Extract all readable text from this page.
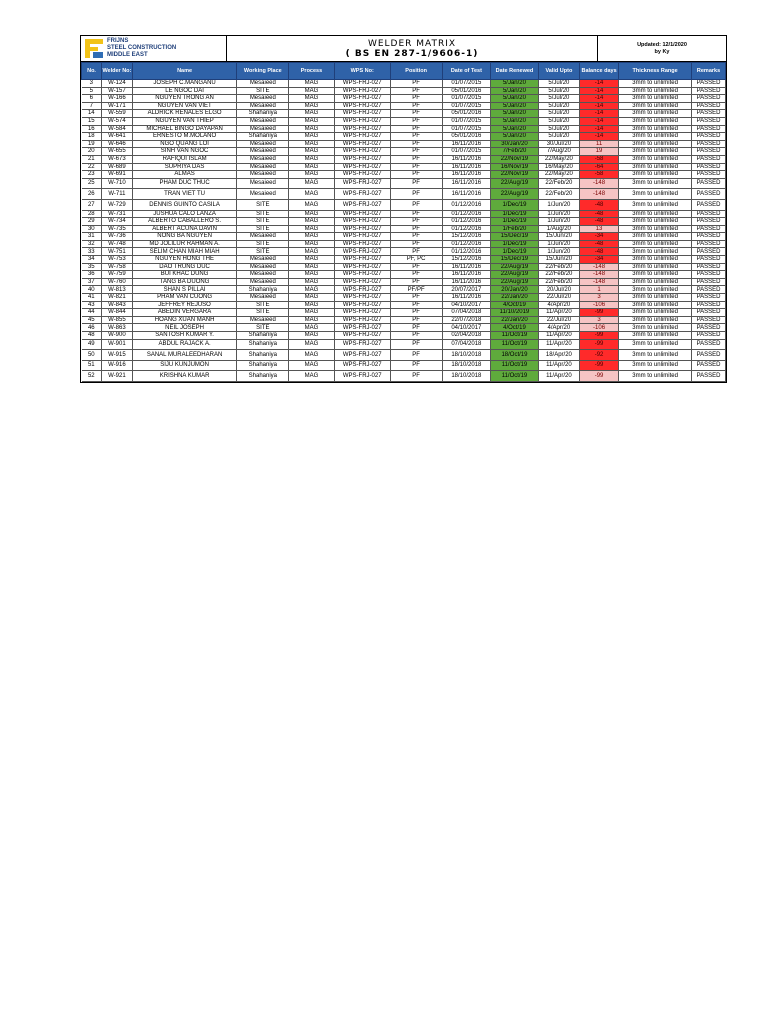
FRIJNS
STEEL CONSTRUCTION
MIDDLE EAST
WELDER MATRIX
( BS EN 287-1/9606-1)
Updated: 12/1/2020
by Ky
No.	Welder No:	Name	Working Place	Process	WPS No:	Position	Date of Test	Date Renewed	Valid Upto	Balance days	Thickness Range	Remarks
3	W-124	JOSEPH C.MANGANU	Mesaieed	MAG	WPS-FRJ-027	PF	01/07/2015	5/Jan/20	5/Jul/20	-14	3mm to unlimited	PASSED
5	W-157	LE NGOC DAI	SITE	MAG	WPS-FRJ-027	PF	05/01/2016	5/Jan/20	5/Jul/20	-14	3mm to unlimited	PASSED
6	W-166	NGUYEN TRONG AN	Mesaieed	MAG	WPS-FRJ-027	PF	01/07/2015	5/Jan/20	5/Jul/20	-14	3mm to unlimited	PASSED
7	W-171	NGUYEN VAN VIET	Mesaieed	MAG	WPS-FRJ-027	PF	01/07/2015	5/Jan/20	5/Jul/20	-14	3mm to unlimited	PASSED
14	W-559	ALDRICK RENALES ELGO	Shahaniya	MAG	WPS-FRJ-027	PF	05/01/2016	5/Jan/20	5/Jul/20	-14	3mm to unlimited	PASSED
15	W-574	NGUYEN VAN THIEP	Mesaieed	MAG	WPS-FRJ-027	PF	01/07/2015	5/Jan/20	5/Jul/20	-14	3mm to unlimited	PASSED
16	W-584	MICHAEL BINGO DAYAPAN	Mesaieed	MAG	WPS-FRJ-027	PF	01/07/2015	5/Jan/20	5/Jul/20	-14	3mm to unlimited	PASSED
18	W-641	ERNESTO M.MOLANO	Shahaniya	MAG	WPS-FRJ-027	PF	05/01/2016	5/Jan/20	5/Jul/20	-14	3mm to unlimited	PASSED
19	W-646	NGO QUANG LOI	Mesaieed	MAG	WPS-FRJ-027	PF	16/11/2016	30/Jan/20	30/Jul/20	11	3mm to unlimited	PASSED
20	W-655	SINH VAN NGOC	Mesaieed	MAG	WPS-FRJ-027	PF	01/07/2015	7/Feb/20	7/Aug/20	19	3mm to unlimited	PASSED
21	W-673	RAFIQUI ISLAM	Mesaieed	MAG	WPS-FRJ-027	PF	16/11/2016	22/Nov/19	22/May/20	-58	3mm to unlimited	PASSED
22	W-689	SUPRIYA DAS	Mesaieed	MAG	WPS-FRJ-027	PF	16/11/2016	16/Nov/19	16/May/20	-64	3mm to unlimited	PASSED
23	W-691	ALMAS	Mesaieed	MAG	WPS-FRJ-027	PF	16/11/2016	22/Nov/19	22/May/20	-58	3mm to unlimited	PASSED
25	W-710	PHAM DUC THUC	Mesaieed	MAG	WPS-FRJ-027	PF	16/11/2016	22/Aug/19	22/Feb/20	-148	3mm to unlimited	PASSED
26	W-711	TRAN VIET TU	Mesaieed	MAG	WPS-FRJ-027	PF	16/11/2016	22/Aug/19	22/Feb/20	-148	3mm to unlimited	PASSED
27	W-729	DENNIS GUINTO CASILA	SITE	MAG	WPS-FRJ-027	PF	01/12/2016	1/Dec/19	1/Jun/20	-48	3mm to unlimited	PASSED
28	W-731	JUSHUA CALO LANZA	SITE	MAG	WPS-FRJ-027	PF	01/12/2016	1/Dec/19	1/Jun/20	-48	3mm to unlimited	PASSED
29	W-734	ALBERTO CABALLERO S.	SITE	MAG	WPS-FRJ-027	PF	01/12/2016	1/Dec/19	1/Jun/20	-48	3mm to unlimited	PASSED
30	W-735	ALBERT ACUNA DAVIN	SITE	MAG	WPS-FRJ-027	PF	01/12/2016	1/Feb/20	1/Aug/20	13	3mm to unlimited	PASSED
31	W-736	NONG BA NGUYEN	Mesaieed	MAG	WPS-FRJ-027	PF	15/12/2016	15/Dec/19	15/Jun/20	-34	3mm to unlimited	PASSED
32	W-748	MD JOLILUR RAHMAN A.	SITE	MAG	WPS-FRJ-027	PF	01/12/2016	1/Dec/19	1/Jun/20	-48	3mm to unlimited	PASSED
33	W-751	SELIM CHAN MIAH MIAH	SITE	MAG	WPS-FRJ-027	PF	01/12/2016	1/Dec/19	1/Jun/20	-48	3mm to unlimited	PASSED
34	W-753	NGUYEN HONG THE	Mesaieed	MAG	WPS-FRJ-027	PF, PC	15/12/2016	15/Dec/19	15/Jun/20	-34	3mm to unlimited	PASSED
35	W-758	DAO TRUNG DUC	Mesaieed	MAG	WPS-FRJ-027	PF	16/11/2016	22/Aug/19	22/Feb/20	-148	3mm to unlimited	PASSED
36	W-759	BUI KHAC DUNG	Mesaieed	MAG	WPS-FRJ-027	PF	16/11/2016	22/Aug/19	22/Feb/20	-148	3mm to unlimited	PASSED
37	W-760	TANG BA DUONG	Mesaieed	MAG	WPS-FRJ-027	PF	16/11/2016	22/Aug/19	22/Feb/20	-148	3mm to unlimited	PASSED
40	W-813	SHAN S PILLAI	Shahaniya	MAG	WPS-FRJ-027	PF/PF	20/07/2017	20/Jan/20	20/Jul/20	1	3mm to unlimited	PASSED
41	W-821	PHAM VAN CUONG	Mesaieed	MAG	WPS-FRJ-027	PF	16/11/2016	22/Jan/20	22/Jul/20	3	3mm to unlimited	PASSED
43	W-843	JEFFREY REJUSO	SITE	MAG	WPS-FRJ-027	PF	04/10/2017	4/Oct/19	4/Apr/20	-106	3mm to unlimited	PASSED
44	W-844	ABEDIN VERGARA	SITE	MAG	WPS-FRJ-027	PF	07/04/2018	11/10/2019	11/Apr/20	-99	3mm to unlimited	PASSED
45	W-855	HOANG XUAN MANH	Mesaieed	MAG	WPS-FRJ-027	PF	22/07/2018	22/Jan/20	22/Jul/20	3	3mm to unlimited	PASSED
46	W-863	NEIL JOSEPH	SITE	MAG	WPS-FRJ-027	PF	04/10/2017	4/Oct/19	4/Apr/20	-106	3mm to unlimited	PASSED
48	W-900	SANTOSH KUMAR Y.	Shahaniya	MAG	WPS-FRJ-027	PF	02/04/2018	11/Oct/19	11/Apr/20	-99	3mm to unlimited	PASSED
49	W-901	ABDUL RAJACK A.	Shahaniya	MAG	WPS-FRJ-027	PF	07/04/2018	11/Oct/19	11/Apr/20	-99	3mm to unlimited	PASSED
50	W-915	SANAL MURALEEDHARAN	Shahaniya	MAG	WPS-FRJ-027	PF	18/10/2018	18/Oct/19	18/Apr/20	-92	3mm to unlimited	PASSED
51	W-916	SIJU KUNJUMON	Shahaniya	MAG	WPS-FRJ-027	PF	18/10/2018	11/Oct/19	11/Apr/20	-99	3mm to unlimited	PASSED
52	W-921	KRISHNA KUMAR	Shahaniya	MAG	WPS-FRJ-027	PF	18/10/2018	11/Oct/19	11/Apr/20	-99	3mm to unlimited	PASSED
